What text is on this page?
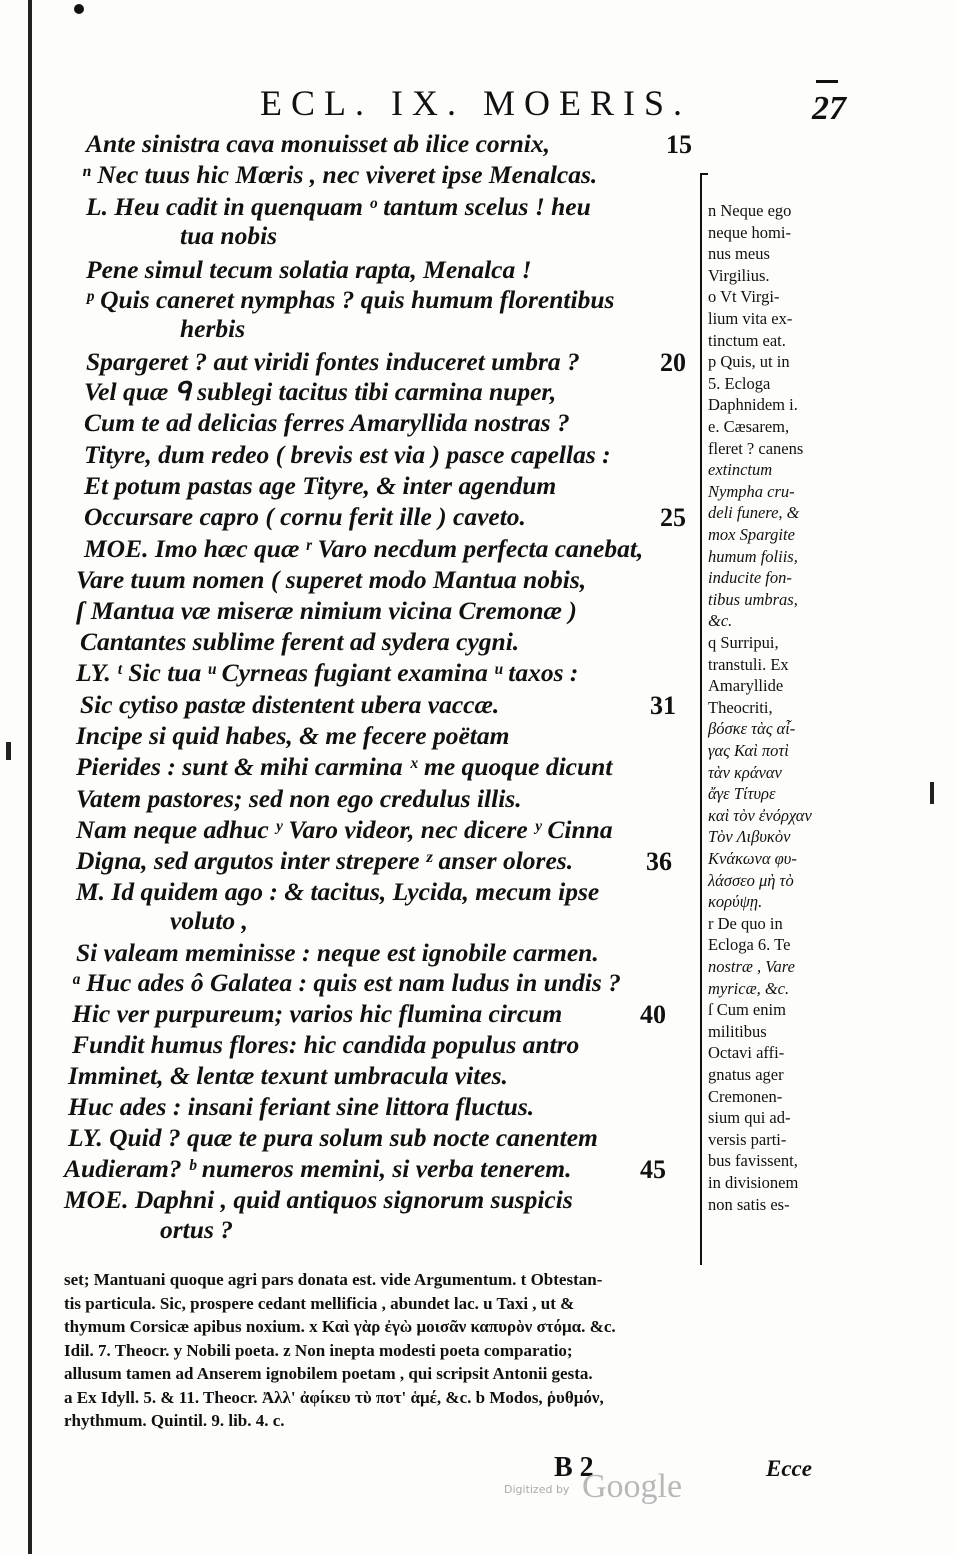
ECL. IX. MOERIS.	27
Ante sinistra cava monuisset ab ilice cornix,	15
ⁿ Nec tuus hic Mœris , nec viveret ipse Menalcas.
L. Heu cadit in quenquam ᵒ tantum scelus ! heu
tua nobis
Pene simul tecum solatia rapta, Menalca !
ᵖ Quis caneret nymphas ? quis humum florentibus
herbis
Spargeret ? aut viridi fontes induceret umbra ?	20
Vel quæ ᑫ sublegi tacitus tibi carmina nuper,
Cum te ad delicias ferres Amaryllida nostras ?
Tityre, dum redeo ( brevis est via ) pasce capellas :
Et potum pastas age Tityre, & inter agendum
Occursare capro ( cornu ferit ille ) caveto.	25
MOE. Imo hæc quæ ʳ Varo necdum perfecta canebat,
Vare tuum nomen ( superet modo Mantua nobis,
ſ Mantua væ miseræ nimium vicina Cremonæ )
Cantantes sublime ferent ad sydera cygni.
LY. ᵗ Sic tua ᵘ Cyrneas fugiant examina ᵘ taxos :
Sic cytiso pastæ distentent ubera vaccæ.	31
Incipe si quid habes, & me fecere poëtam
Pierides : sunt & mihi carmina ˣ me quoque dicunt
Vatem pastores; sed non ego credulus illis.
Nam neque adhuc ʸ Varo videor, nec dicere ʸ Cinna
Digna, sed argutos inter strepere ᶻ anser olores.	36
M. Id quidem ago : & tacitus, Lycida, mecum ipse
voluto ,
Si valeam meminisse : neque est ignobile carmen.
ᵃ Huc ades ô Galatea : quis est nam ludus in undis ?
Hic ver purpureum; varios hic flumina circum	40
Fundit humus flores: hic candida populus antro
Imminet, & lentæ texunt umbracula vites.
Huc ades : insani feriant sine littora fluctus.
LY. Quid ? quæ te pura solum sub nocte canentem
Audieram? ᵇ numeros memini, si verba tenerem.	45
MOE. Daphni , quid antiquos signorum suspicis
ortus ?
n Neque ego
neque homi-
nus meus
Virgilius.
o Vt Virgi-
lium vita ex-
tinctum eat.
p Quis, ut in
5. Ecloga
Daphnidem i.
e. Cæsarem,
fleret ? canens
extinctum
Nympha cru-
deli funere, &
mox Spargite
humum foliis,
inducite fon-
tibus umbras,
&c.
q Surripui,
transtuli. Ex
Amaryllide
Theocriti,
βόσκε τὰς αἶ-
γας Καὶ ποτὶ
τὰν κράναν
ἄγε Τίτυρε
καὶ τὸν ἐνόρχαν
Τὸν Λιβυκὸν
Κνάκωνα φυ-
λάσσεο μὴ τὸ
κορύψῃ.
r De quo in
Ecloga 6. Te
nostræ , Vare
myricæ, &c.
ſ Cum enim
militibus
Octavi affi-
gnatus ager
Cremonen-
sium qui ad-
versis parti-
bus favissent,
in divisionem
non satis es-
set; Mantuani quoque agri pars donata est. vide Argumentum. t Obtestan-
tis particula. Sic, prospere cedant mellificia , abundet lac. u Taxi , ut &
thymum Corsicæ apibus noxium. x Καὶ γὰρ ἐγὼ μοισᾶν καπυρὸν στόμα. &c.
Idil. 7. Theocr. y Nobili poeta. z Non inepta modesti poeta comparatio;
allusum tamen ad Anserem ignobilem poetam , qui scripsit Antonii gesta.
a Ex Idyll. 5. & 11. Theocr. Ἀλλ' ἀφίκευ τὺ ποτ' ἁμέ, &c. b Modos, ῥυθμόν,
rhythmum. Quintil. 9. lib. 4. c.
B 2	Ecce
Digitized by Google
